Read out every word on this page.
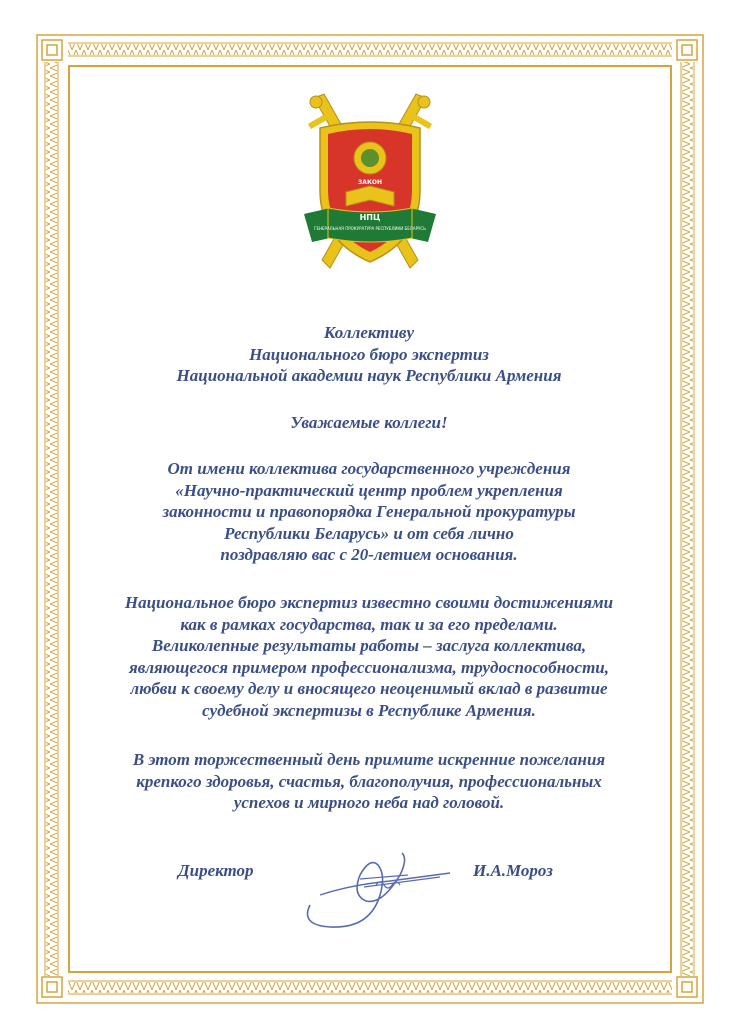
ЗАКОН
НПЦ
ГЕНЕРАЛЬНАЯ ПРОКУРАТУРА РЕСПУБЛИКИ БЕЛАРУСЬ
Коллективу
Национального бюро экспертиз
Национальной академии наук Республики Армения
Уважаемые коллеги!
От имени коллектива государственного учреждения
«Научно-практический центр проблем укрепления
законности и правопорядка Генеральной прокуратуры
Республики Беларусь» и от себя лично
поздравляю вас с 20-летием основания.
Национальное бюро экспертиз известно своими достижениями
как в рамках государства, так и за его пределами.
Великолепные результаты работы – заслуга коллектива,
являющегося примером профессионализма, трудоспособности,
любви к своему делу и вносящего неоценимый вклад в развитие
судебной экспертизы в Республике Армения.
В этот торжественный день примите искренние пожелания
крепкого здоровья, счастья, благополучия, профессиональных
успехов и мирного неба над головой.
Директор	И.А.Мороз
